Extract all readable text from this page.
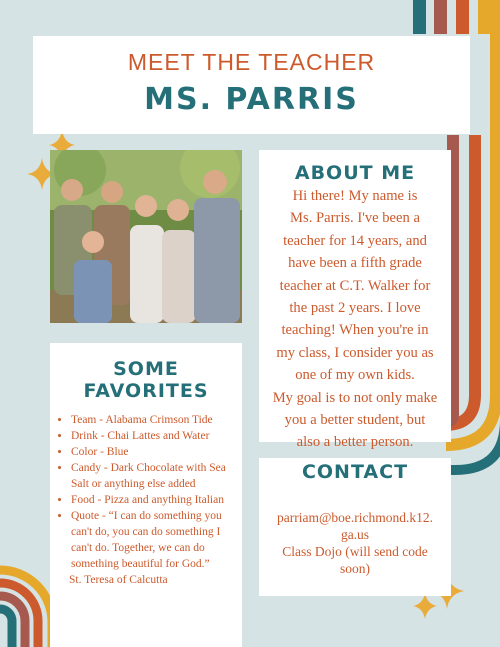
MEET THE TEACHER
MS. PARRIS
ABOUT ME
Hi there! My name is
Ms. Parris. I've been a
teacher for 14 years, and
have been a fifth grade
teacher at C.T. Walker for
the past 2 years. I love
teaching! When you're in
my class, I consider you as
one of my own kids.
My goal is to not only make
you a better student, but
also a better person.
SOME FAVORITES
• Team - Alabama Crimson Tide
• Drink - Chai Lattes and Water
• Color - Blue
• Candy - Dark Chocolate with Sea Salt or anything else added
• Food - Pizza and anything Italian
• Quote - “I can do something you can't do, you can do something I can't do. Together, we can do something beautiful for God.”
St. Teresa of Calcutta
CONTACT
parriam@boe.richmond.k12.
ga.us
Class Dojo (will send code
soon)
